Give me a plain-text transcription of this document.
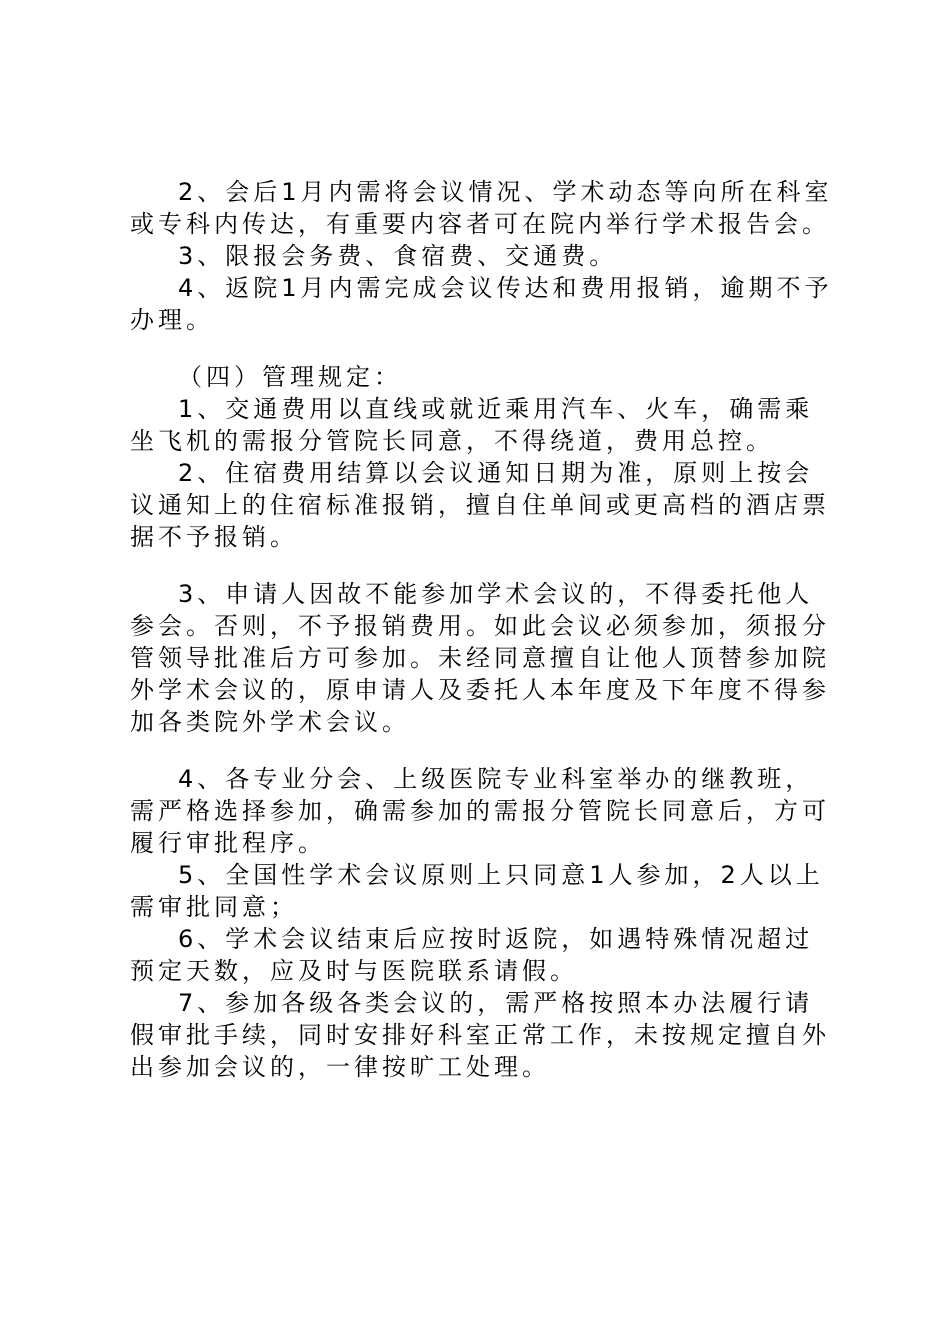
2、会后1月内需将会议情况、学术动态等向所在科室或专科内传达，有重要内容者可在院内举行学术报告会。

3、限报会务费、食宿费、交通费。

4、返院1月内需完成会议传达和费用报销，逾期不予办理。

（四）管理规定：

1、交通费用以直线或就近乘用汽车、火车，确需乘坐飞机的需报分管院长同意，不得绕道，费用总控。

2、住宿费用结算以会议通知日期为准，原则上按会议通知上的住宿标准报销，擅自住单间或更高档的酒店票据不予报销。

3、申请人因故不能参加学术会议的，不得委托他人参会。否则，不予报销费用。如此会议必须参加，须报分管领导批准后方可参加。未经同意擅自让他人顶替参加院外学术会议的，原申请人及委托人本年度及下年度不得参加各类院外学术会议。

4、各专业分会、上级医院专业科室举办的继教班，需严格选择参加，确需参加的需报分管院长同意后，方可履行审批程序。

5、全国性学术会议原则上只同意1人参加，2人以上需审批同意；

6、学术会议结束后应按时返院，如遇特殊情况超过预定天数，应及时与医院联系请假。

7、参加各级各类会议的，需严格按照本办法履行请假审批手续，同时安排好科室正常工作，未按规定擅自外出参加会议的，一律按旷工处理。
